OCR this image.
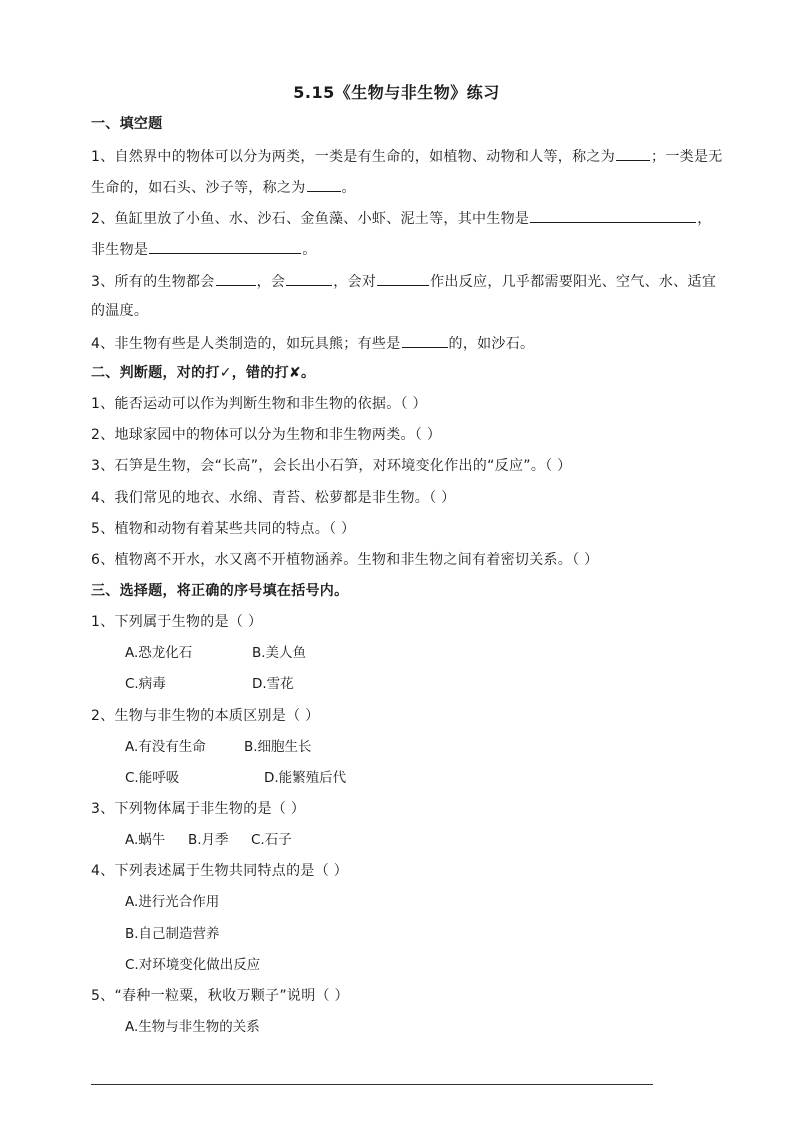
5.15《生物与非生物》练习
一、填空题
1、自然界中的物体可以分为两类，一类是有生命的，如植物、动物和人等，称之为	；一类是无
生命的，如石头、沙子等，称之为	。
2、鱼缸里放了小鱼、水、沙石、金鱼藻、小虾、泥土等，其中生物是	，
非生物是	。
3、所有的生物都会	，会	，会对	作出反应，几乎都需要阳光、空气、水、适宜
的温度。
4、非生物有些是人类制造的，如玩具熊；有些是	的，如沙石。
二、判断题，对的打✓，错的打✘。
1、能否运动可以作为判断生物和非生物的依据。（ ）
2、地球家园中的物体可以分为生物和非生物两类。（ ）
3、石笋是生物，会“长高”，会长出小石笋，对环境变化作出的“反应”。（ ）
4、我们常见的地衣、水绵、青苔、松萝都是非生物。（ ）
5、植物和动物有着某些共同的特点。（ ）
6、植物离不开水，水又离不开植物涵养。生物和非生物之间有着密切关系。（ ）
三、选择题，将正确的序号填在括号内。
1、下列属于生物的是（ ）
A.恐龙化石	B.美人鱼
C.病毒	D.雪花
2、生物与非生物的本质区别是（ ）
A.有没有生命	B.细胞生长
C.能呼吸	D.能繁殖后代
3、下列物体属于非生物的是（ ）
A.蜗牛 B.月季 C.石子
4、下列表述属于生物共同特点的是（ ）
A.进行光合作用
B.自己制造营养
C.对环境变化做出反应
5、“春种一粒粟，秋收万颗子”说明（ ）
A.生物与非生物的关系
